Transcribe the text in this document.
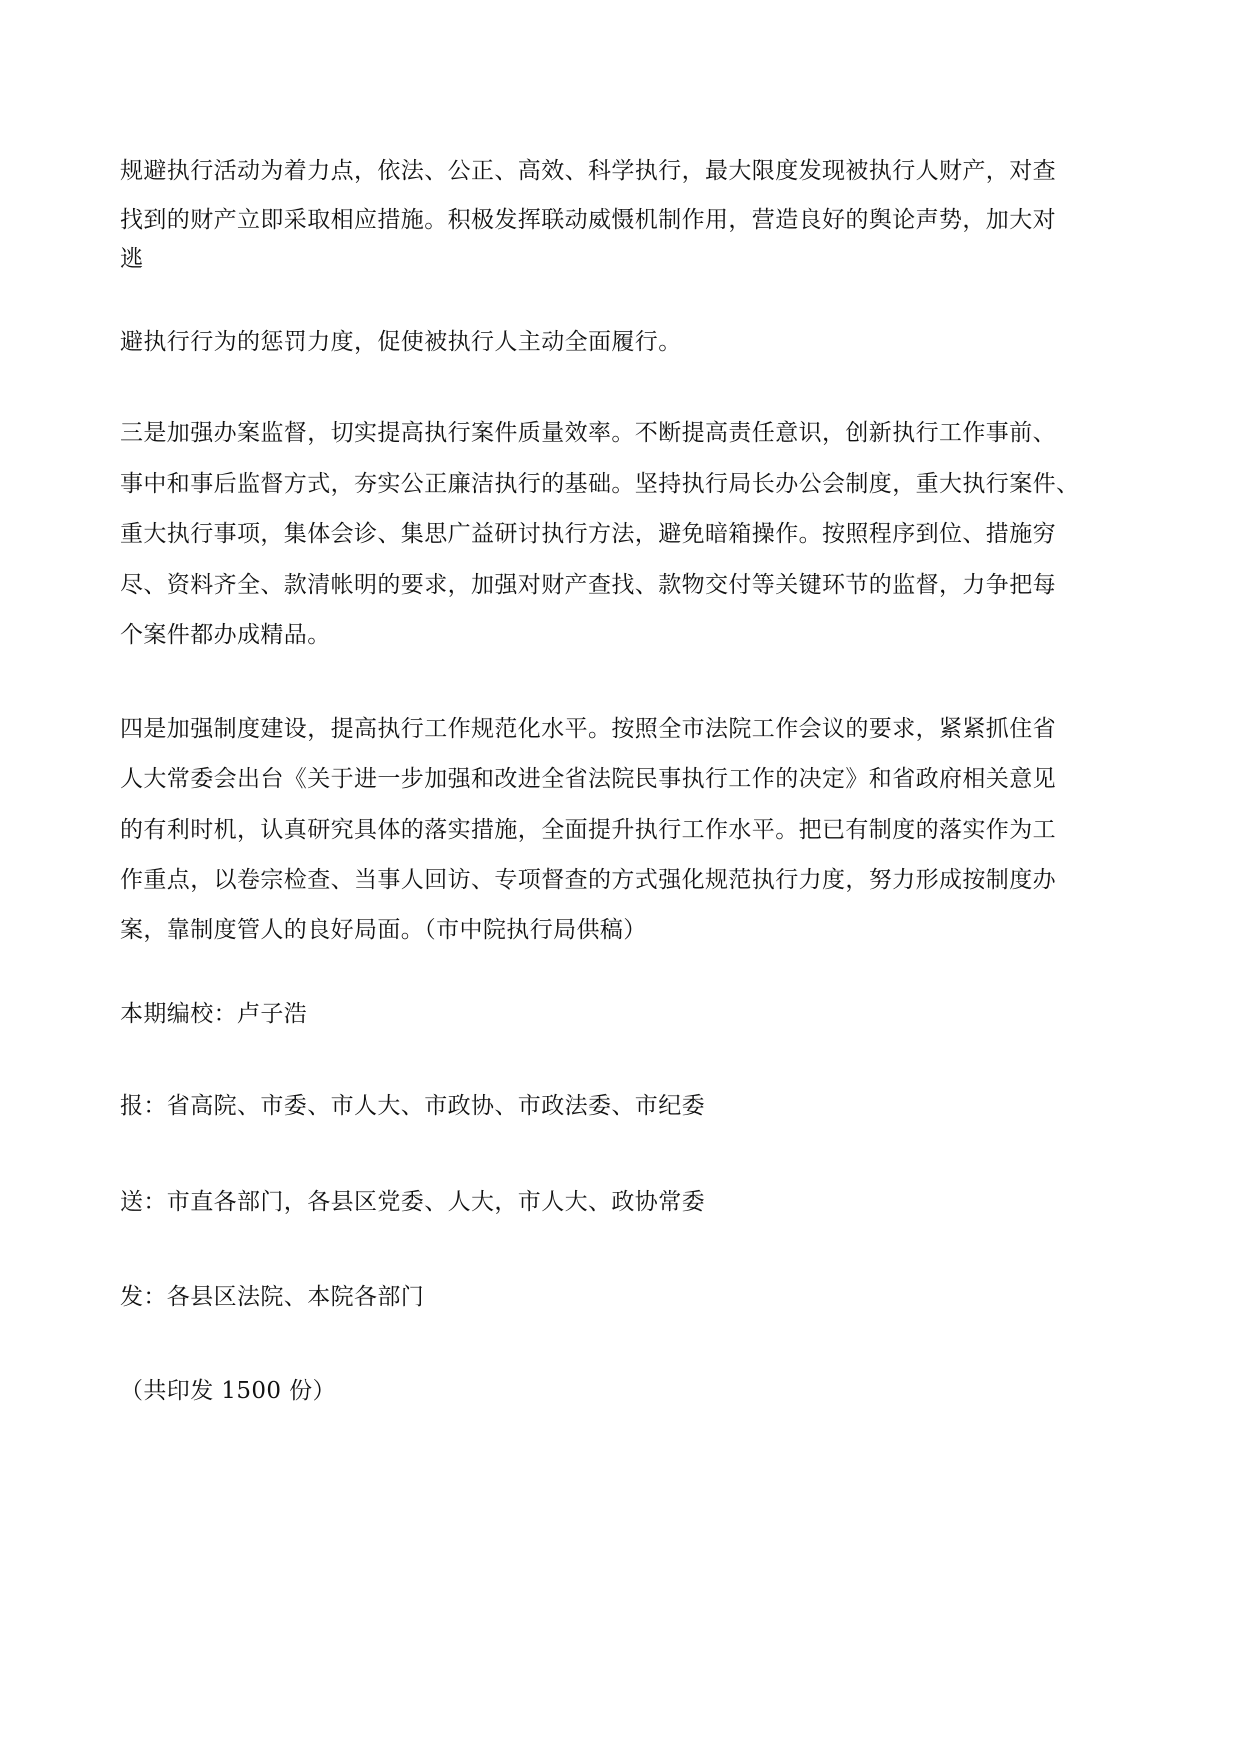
规避执行活动为着力点，依法、公正、高效、科学执行，最大限度发现被执行人财产，对查
找到的财产立即采取相应措施。积极发挥联动威慑机制作用，营造良好的舆论声势，加大对
逃
避执行行为的惩罚力度，促使被执行人主动全面履行。
三是加强办案监督，切实提高执行案件质量效率。不断提高责任意识，创新执行工作事前、
事中和事后监督方式，夯实公正廉洁执行的基础。坚持执行局长办公会制度，重大执行案件、
重大执行事项，集体会诊、集思广益研讨执行方法，避免暗箱操作。按照程序到位、措施穷
尽、资料齐全、款清帐明的要求，加强对财产查找、款物交付等关键环节的监督，力争把每
个案件都办成精品。
四是加强制度建设，提高执行工作规范化水平。按照全市法院工作会议的要求，紧紧抓住省
人大常委会出台《关于进一步加强和改进全省法院民事执行工作的决定》和省政府相关意见
的有利时机，认真研究具体的落实措施，全面提升执行工作水平。把已有制度的落实作为工
作重点，以卷宗检查、当事人回访、专项督查的方式强化规范执行力度，努力形成按制度办
案，靠制度管人的良好局面。（市中院执行局供稿）
本期编校：卢子浩
报：省高院、市委、市人大、市政协、市政法委、市纪委
送：市直各部门，各县区党委、人大，市人大、政协常委
发：各县区法院、本院各部门
（共印发 1500 份）
